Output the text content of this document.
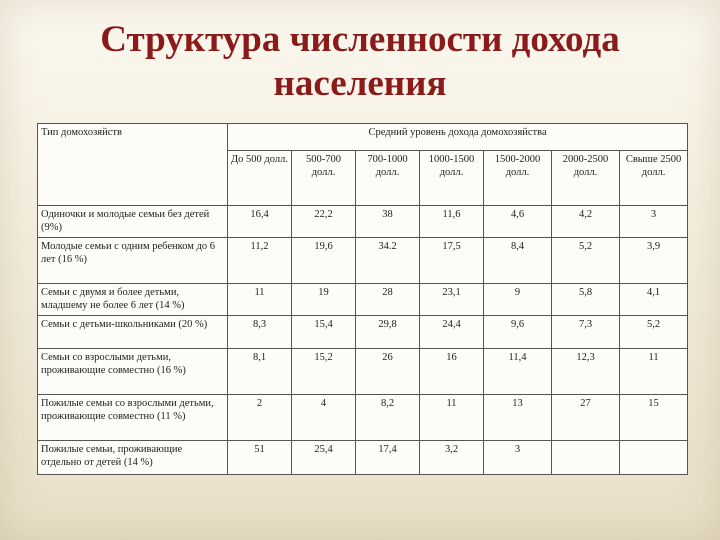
Структура численности дохода
населения
Тип домохозяйств	Средний уровень дохода домохозяйства						
	До 500 долл.	500-700 долл.	700-1000 долл.	1000-1500 долл.	1500-2000 долл.	2000-2500 долл.	Свыше 2500 долл.
Одиночки и молодые семьи без детей (9%)	16,4	22,2	38	11,6	4,6	4,2	3
Молодые семьи с одним ребенком до 6 лет (16 %)	11,2	19,6	34.2	17,5	8,4	5,2	3,9
Семьи с двумя и более детьми, младшему не более 6 лет (14 %)	11	19	28	23,1	9	5,8	4,1
Семьи с детьми-школьниками (20 %)	8,3	15,4	29,8	24,4	9,6	7,3	5,2
Семьи со взрослыми детьми, проживающие совместно (16 %)	8,1	15,2	26	16	11,4	12,3	11
Пожилые семьи со взрослыми детьми, проживающие совместно (11 %)	2	4	8,2	11	13	27	15
Пожилые семьи, проживающие отдельно от детей (14 %)	51	25,4	17,4	3,2	3		
